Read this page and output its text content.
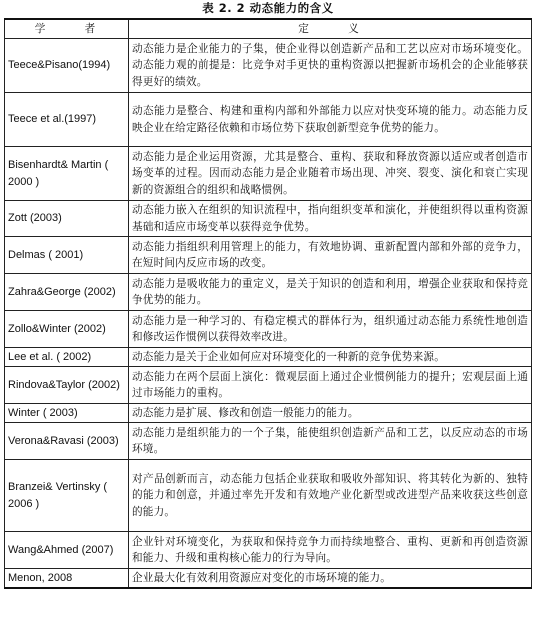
表 2. 2 动态能力的含义
学 者	定 义
Teece&Pisano(1994)	动态能力是企业能力的子集，使企业得以创造新产品和工艺以应对市场环境变化。动态能力观的前提是：比竞争对手更快的重构资源以把握新市场机会的企业能够获得更好的绩效。
Teece et al.(1997)	动态能力是整合、构建和重构内部和外部能力以应对快变环境的能力。动态能力反映企业在给定路径依赖和市场位势下获取创新型竞争优势的能力。
Bisenhardt& Martin ( 2000 )	动态能力是企业运用资源，尤其是整合、重构、获取和释放资源以适应或者创造市场变革的过程。因而动态能力是企业随着市场出现、冲突、裂变、演化和衰亡实现新的资源组合的组织和战略惯例。
Zott (2003)	动态能力嵌入在组织的知识流程中，指向组织变革和演化，并使组织得以重构资源基础和适应市场变革以获得竞争优势。
Delmas ( 2001)	动态能力指组织利用管理上的能力，有效地协调、重新配置内部和外部的竞争力，在短时间内反应市场的改变。
Zahra&George (2002)	动态能力是吸收能力的重定义，是关于知识的创造和利用，增强企业获取和保持竞争优势的能力。
Zollo&Winter (2002)	动态能力是一种学习的、有稳定模式的群体行为，组织通过动态能力系统性地创造和修改运作惯例以获得效率改进。
Lee et al. ( 2002)	动态能力是关于企业如何应对环境变化的一种新的竞争优势来源。
Rindova&Taylor (2002)	动态能力在两个层面上演化：微观层面上通过企业惯例能力的提升；宏观层面上通过市场能力的重构。
Winter ( 2003)	动态能力是扩展、修改和创造一般能力的能力。
Verona&Ravasi (2003)	动态能力是组织能力的一个子集，能使组织创造新产品和工艺，以反应动态的市场环境。
Branzei& Vertinsky ( 2006 )	对产品创新而言，动态能力包括企业获取和吸收外部知识、将其转化为新的、独特的能力和创意，并通过率先开发和有效地产业化新型或改进型产品来收获这些创意的能力。
Wang&Ahmed (2007)	企业针对环境变化，为获取和保持竞争力而持续地整合、重构、更新和再创造资源和能力、升级和重构核心能力的行为导向。
Menon, 2008	企业最大化有效利用资源应对变化的市场环境的能力。
